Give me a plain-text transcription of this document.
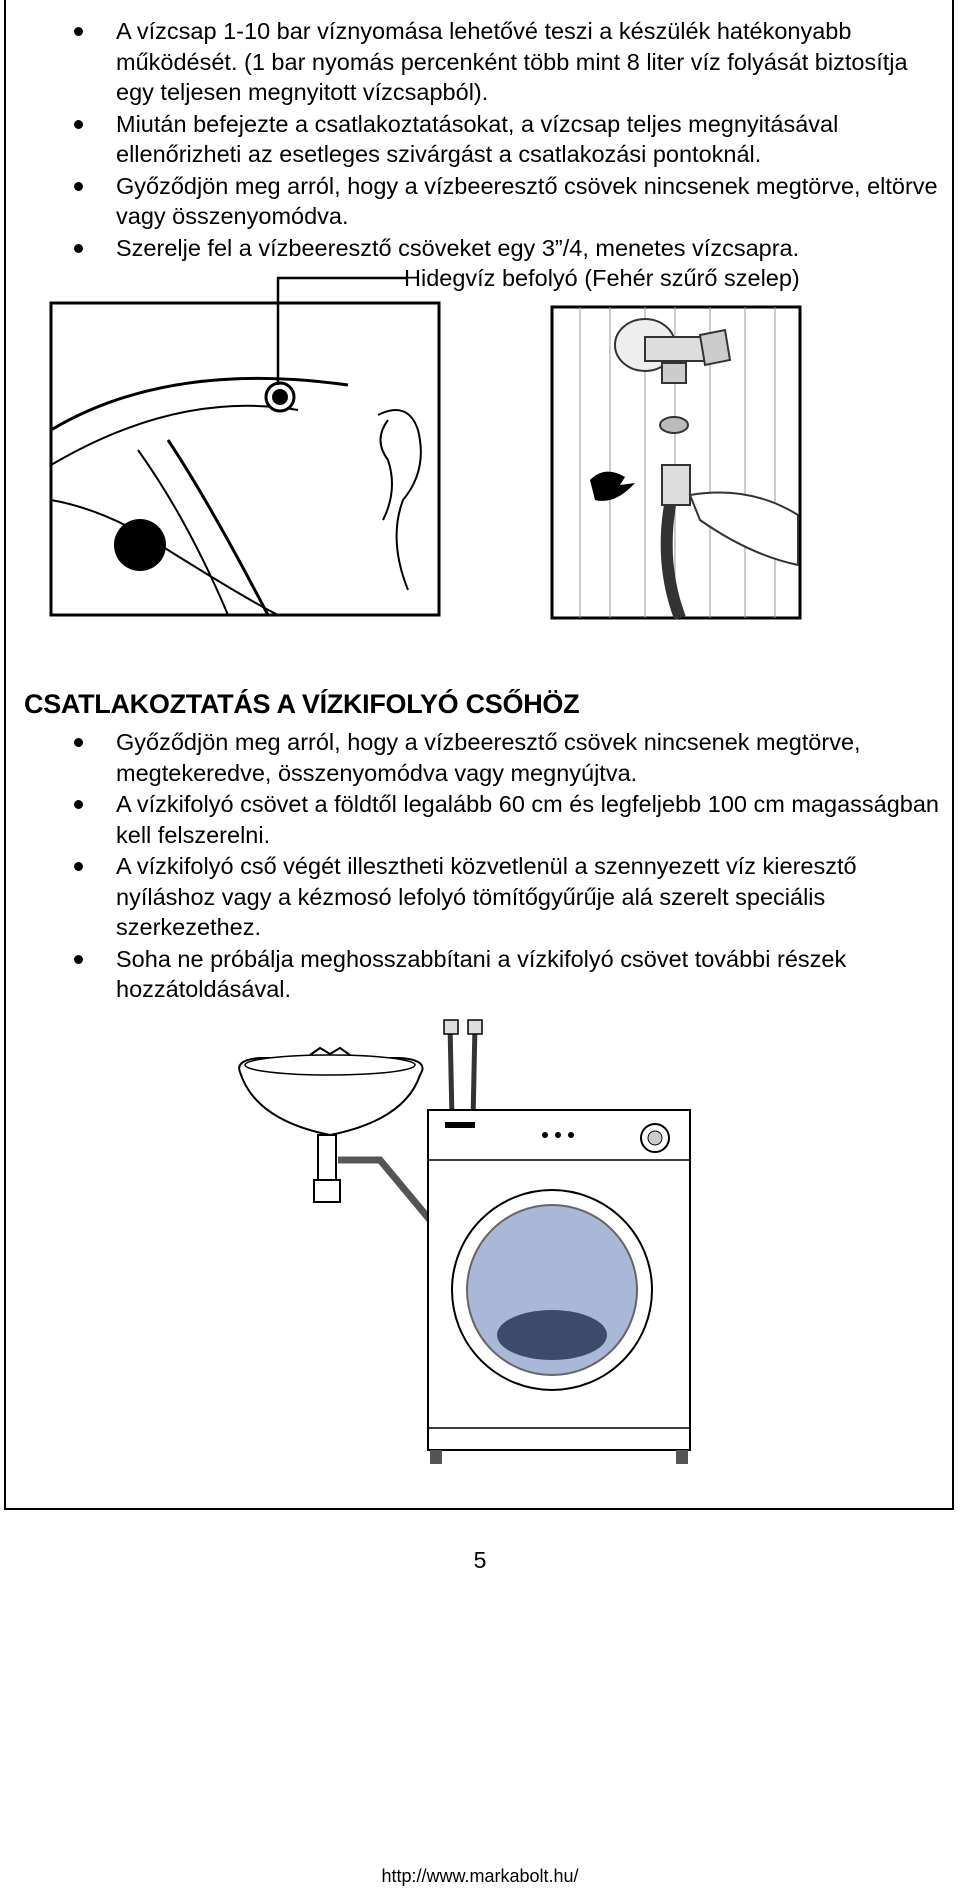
A vízcsap 1-10 bar víznyomása lehetővé teszi a készülék hatékonyabb működését. (1 bar nyomás percenként több mint 8 liter víz folyását biztosítja egy teljesen megnyitott vízcsapból).
Miután befejezte a csatlakoztatásokat, a vízcsap teljes megnyitásával ellenőrizheti az esetleges szivárgást a csatlakozási pontoknál.
Győződjön meg arról, hogy a vízbeeresztő csövek nincsenek megtörve, eltörve vagy összenyomódva.
Szerelje fel a vízbeeresztő csöveket egy 3”/4, menetes vízcsapra.
Hidegvíz befolyó (Fehér szűrő szelep)
CSATLAKOZTATÁS A VÍZKIFOLYÓ CSŐHÖZ
Győződjön meg arról, hogy a vízbeeresztő csövek nincsenek megtörve, megtekeredve, összenyomódva vagy megnyújtva.
A vízkifolyó csövet a földtől legalább 60 cm és legfeljebb 100 cm magasságban kell felszerelni.
A vízkifolyó cső végét illesztheti közvetlenül a szennyezett víz kieresztő nyíláshoz vagy a kézmosó lefolyó tömítőgyűrűje alá szerelt speciális szerkezethez.
Soha ne próbálja meghosszabbítani a vízkifolyó csövet további részek hozzátoldásával.
5
http://www.markabolt.hu/
